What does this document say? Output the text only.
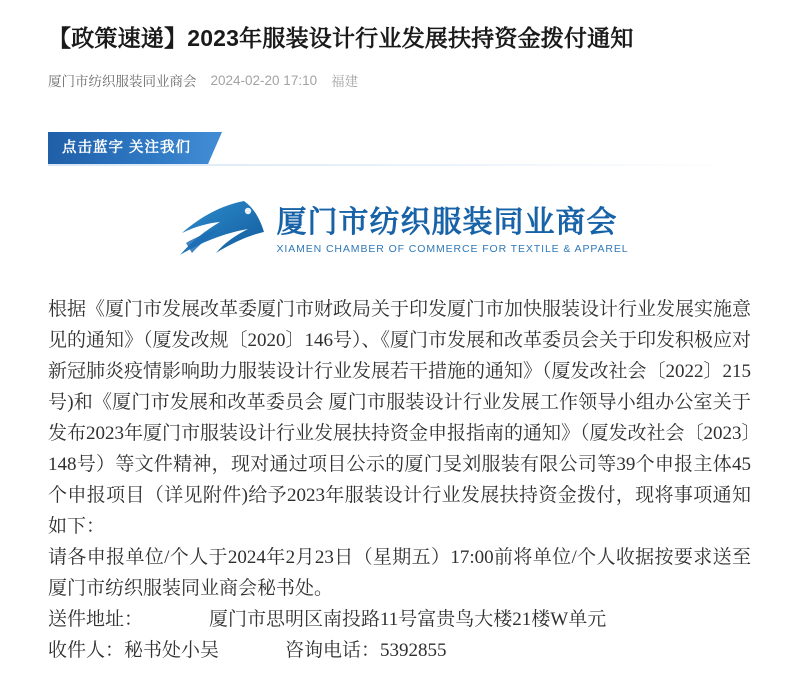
【政策速递】2023年服装设计行业发展扶持资金拨付通知
厦门市纺织服装同业商会 2024-02-20 17:10 福建
点击蓝字 关注我们
厦门市纺织服装同业商会
XIAMEN CHAMBER OF COMMERCE FOR TEXTILE & APPAREL

根据《厦门市发展改革委厦门市财政局关于印发厦门市加快服装设计行业发展实施意见的通知》（厦发改规〔2020〕146号）、《厦门市发展和改革委员会关于印发积极应对新冠肺炎疫情影响助力服装设计行业发展若干措施的通知》（厦发改社会〔2022〕215号)和《厦门市发展和改革委员会 厦门市服装设计行业发展工作领导小组办公室关于发布2023年厦门市服装设计行业发展扶持资金申报指南的通知》（厦发改社会〔2023〕148号）等文件精神，现对通过项目公示的厦门旻刘服装有限公司等39个申报主体45个申报项目（详见附件)给予2023年服装设计行业发展扶持资金拨付，现将事项通知如下：

请各申报单位/个人于2024年2月23日（星期五）17:00前将单位/个人收据按要求送至厦门市纺织服装同业商会秘书处。

送件地址：	厦门市思明区南投路11号富贵鸟大楼21楼W单元

收件人：秘书处小吴	咨询电话：5392855
